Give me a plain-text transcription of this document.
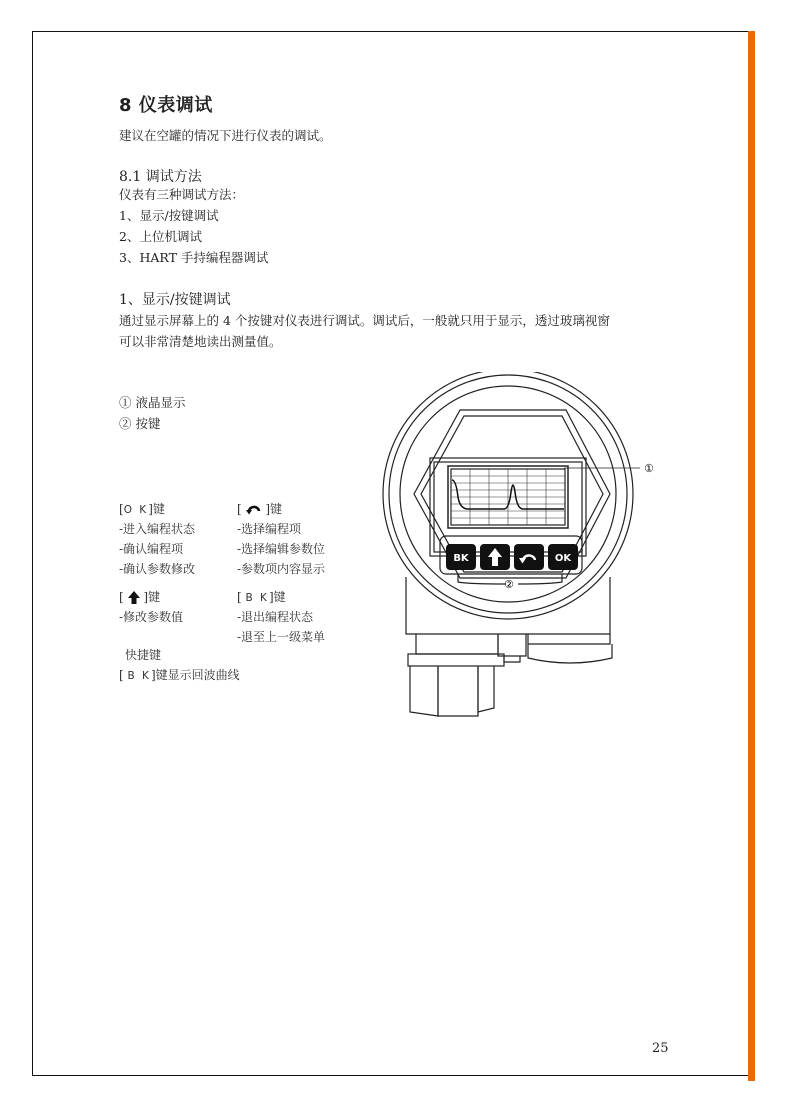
8 仪表调试
建议在空罐的情况下进行仪表的调试。
8.1 调试方法
仪表有三种调试方法：
1、显示/按键调试
2、上位机调试
3、HART 手持编程器调试
1、显示/按键调试
通过显示屏幕上的 4 个按键对仪表进行调试。调试后，一般就只用于显示，透过玻璃视窗
可以非常清楚地读出测量值。
① 液晶显示
② 按键
[O K]键
-进入编程状态
-确认编程项
-确认参数修改
[  ]键
-选择编程项
-选择编辑参数位
-参数项内容显示
[  ]键
-修改参数值
[ B K]键
-退出编程状态
-退至上一级菜单
快捷键
[ B K]键显示回波曲线
①
②
BK	OK
25
